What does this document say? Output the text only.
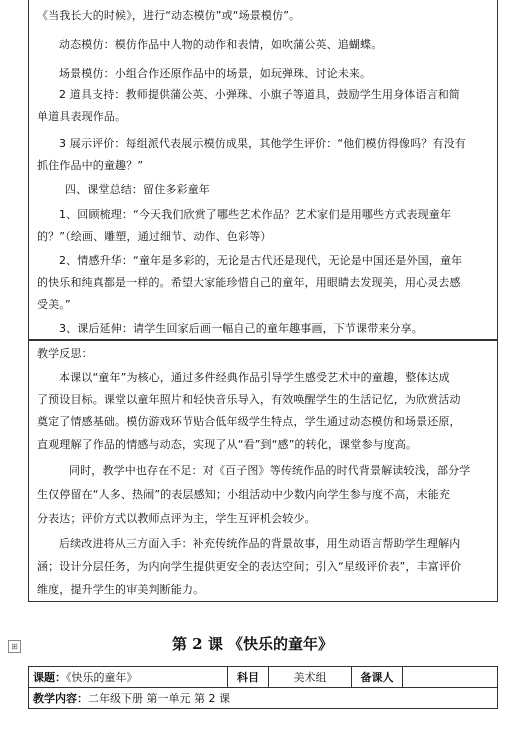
《当我长大的时候》，进行“动态模仿”或“场景模仿”。
动态模仿：模仿作品中人物的动作和表情，如吹蒲公英、追蝴蝶。
场景模仿：小组合作还原作品中的场景，如玩弹珠、讨论未来。
2 道具支持：教师提供蒲公英、小弹珠、小旗子等道具，鼓励学生用身体语言和简
单道具表现作品。
3 展示评价：每组派代表展示模仿成果，其他学生评价：“他们模仿得像吗？有没有
抓住作品中的童趣？”
四、课堂总结：留住多彩童年
1、回顾梳理：“今天我们欣赏了哪些艺术作品？艺术家们是用哪些方式表现童年
的？”（绘画、雕塑，通过细节、动作、色彩等）
2、情感升华：“童年是多彩的，无论是古代还是现代，无论是中国还是外国，童年
的快乐和纯真都是一样的。希望大家能珍惜自己的童年，用眼睛去发现美，用心灵去感
受美。”
3、课后延伸：请学生回家后画一幅自己的童年趣事画，下节课带来分享。
教学反思：
本课以“童年”为核心，通过多件经典作品引导学生感受艺术中的童趣，整体达成
了预设目标。课堂以童年照片和轻快音乐导入，有效唤醒学生的生活记忆，为欣赏活动
奠定了情感基础。模仿游戏环节贴合低年级学生特点，学生通过动态模仿和场景还原，
直观理解了作品的情感与动态，实现了从“看”到“感”的转化，课堂参与度高。
同时，教学中也存在不足：对《百子图》等传统作品的时代背景解读较浅，部分学
生仅停留在“人多、热闹”的表层感知；小组活动中少数内向学生参与度不高，未能充
分表达；评价方式以教师点评为主，学生互评机会较少。
后续改进将从三方面入手：补充传统作品的背景故事，用生动语言帮助学生理解内
涵；设计分层任务，为内向学生提供更安全的表达空间；引入“星级评价表”，丰富评价
维度，提升学生的审美判断能力。
⊞	第 2 课 《快乐的童年》
课题：《快乐的童年》	科目	美术组	备课人	
教学内容：二年级下册 第一单元 第 2 课
